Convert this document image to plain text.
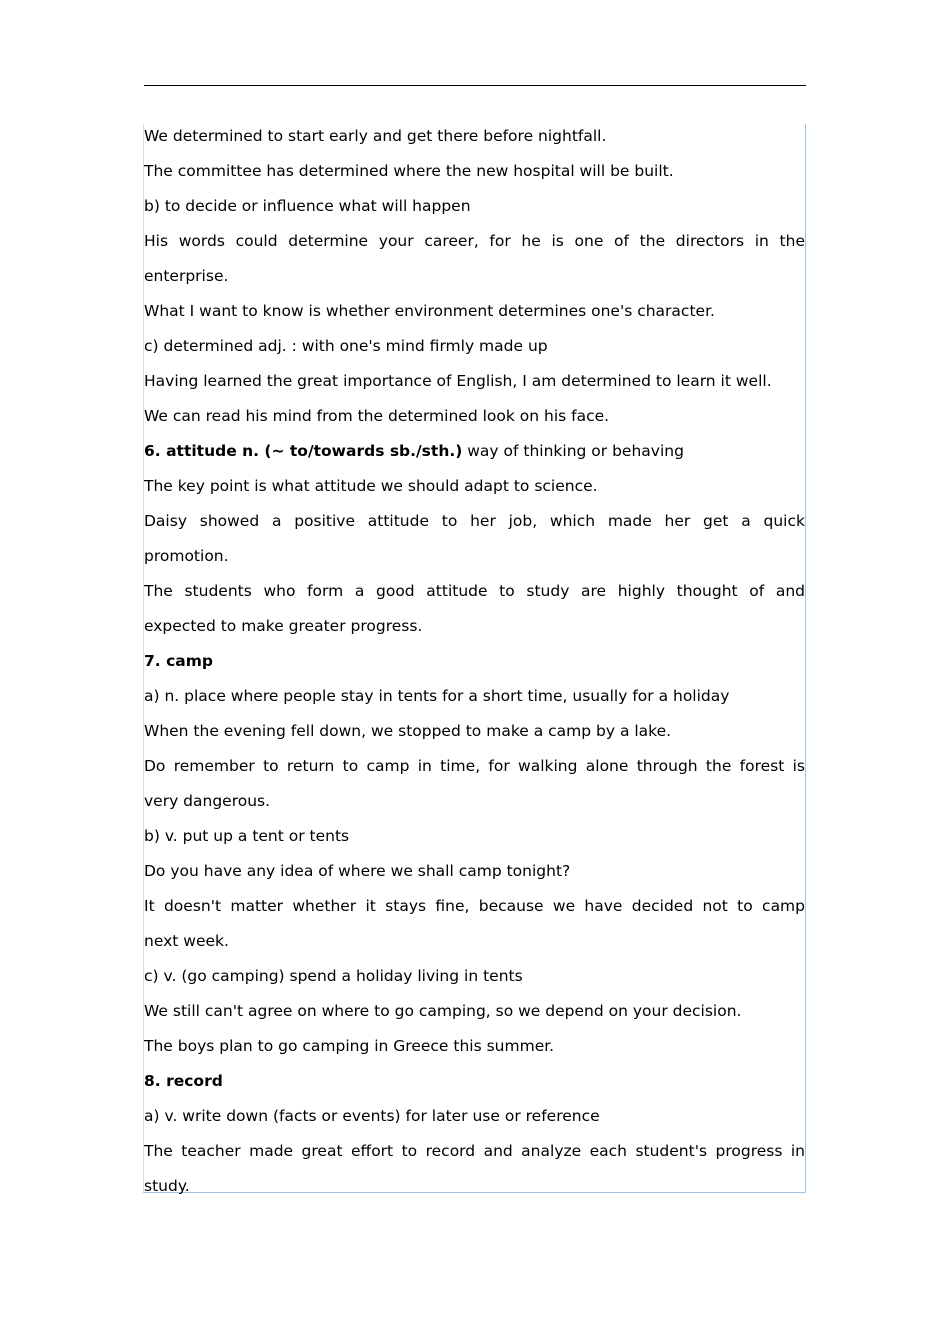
We determined to start early and get there before nightfall.
The committee has determined where the new hospital will be built.
b) to decide or influence what will happen
His words could determine your career, for he is one of the directors in the
enterprise.
What I want to know is whether environment determines one's character.
c) determined adj. : with one's mind firmly made up
Having learned the great importance of English, I am determined to learn it well.
We can read his mind from the determined look on his face.
6. attitude n. (~ to/towards sb./sth.) way of thinking or behaving
The key point is what attitude we should adapt to science.
Daisy showed a positive attitude to her job, which made her get a quick
promotion.
The students who form a good attitude to study are highly thought of and
expected to make greater progress.
7. camp
a) n. place where people stay in tents for a short time, usually for a holiday
When the evening fell down, we stopped to make a camp by a lake.
Do remember to return to camp in time, for walking alone through the forest is
very dangerous.
b) v. put up a tent or tents
Do you have any idea of where we shall camp tonight?
It doesn't matter whether it stays fine, because we have decided not to camp
next week.
c) v. (go camping) spend a holiday living in tents
We still can't agree on where to go camping, so we depend on your decision.
The boys plan to go camping in Greece this summer.
8. record
a) v. write down (facts or events) for later use or reference
The teacher made great effort to record and analyze each student's progress in
study.
